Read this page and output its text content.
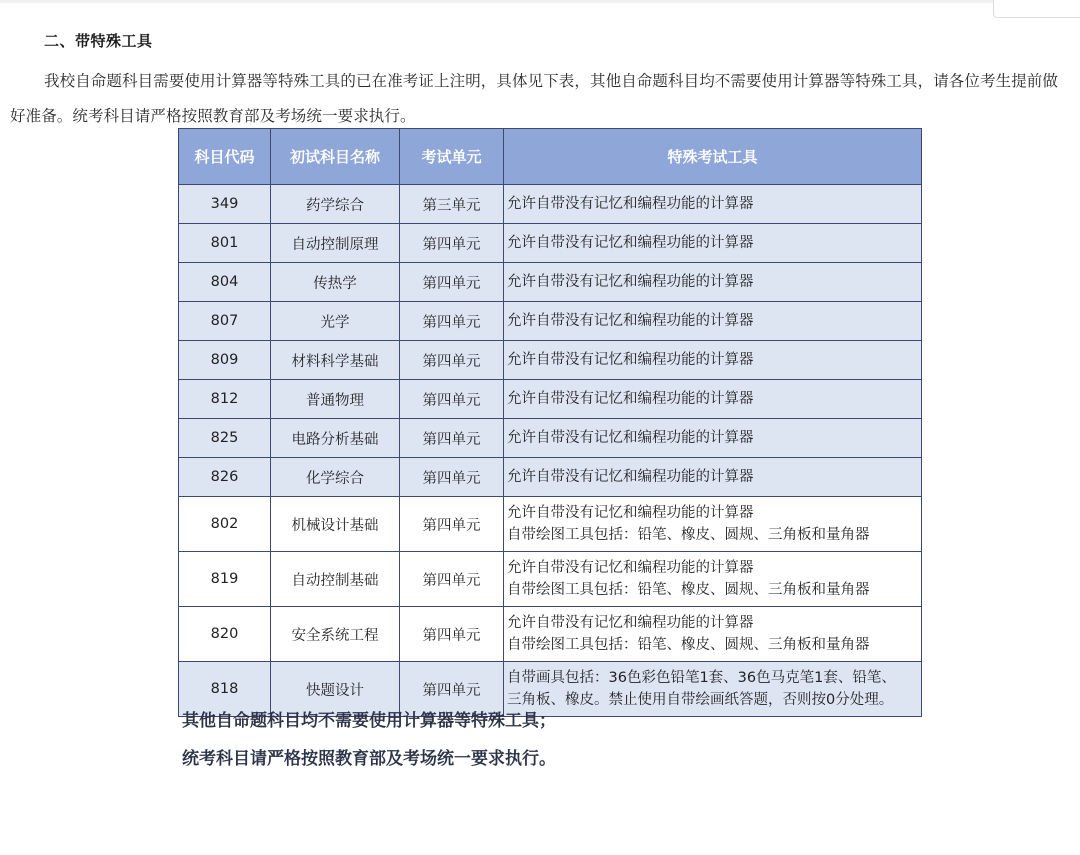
二、带特殊工具
我校自命题科目需要使用计算器等特殊工具的已在准考证上注明，具体见下表，其他自命题科目均不需要使用计算器等特殊工具，请各位考生提前做好准备。统考科目请严格按照教育部及考场统一要求执行。
科目代码	初试科目名称	考试单元	特殊考试工具
349	药学综合	第三单元	允许自带没有记忆和编程功能的计算器

801	自动控制原理	第四单元	允许自带没有记忆和编程功能的计算器

804	传热学	第四单元	允许自带没有记忆和编程功能的计算器

807	光学	第四单元	允许自带没有记忆和编程功能的计算器

809	材料科学基础	第四单元	允许自带没有记忆和编程功能的计算器

812	普通物理	第四单元	允许自带没有记忆和编程功能的计算器

825	电路分析基础	第四单元	允许自带没有记忆和编程功能的计算器

826	化学综合	第四单元	允许自带没有记忆和编程功能的计算器

802	机械设计基础	第四单元	允许自带没有记忆和编程功能的计算器
自带绘图工具包括：铅笔、橡皮、圆规、三角板和量角器

819	自动控制基础	第四单元	允许自带没有记忆和编程功能的计算器
自带绘图工具包括：铅笔、橡皮、圆规、三角板和量角器

820	安全系统工程	第四单元	允许自带没有记忆和编程功能的计算器
自带绘图工具包括：铅笔、橡皮、圆规、三角板和量角器

818	快题设计	第四单元	自带画具包括：36色彩色铅笔1套、36色马克笔1套、铅笔、
三角板、橡皮。禁止使用自带绘画纸答题，否则按0分处理。
其他自命题科目均不需要使用计算器等特殊工具；
统考科目请严格按照教育部及考场统一要求执行。
